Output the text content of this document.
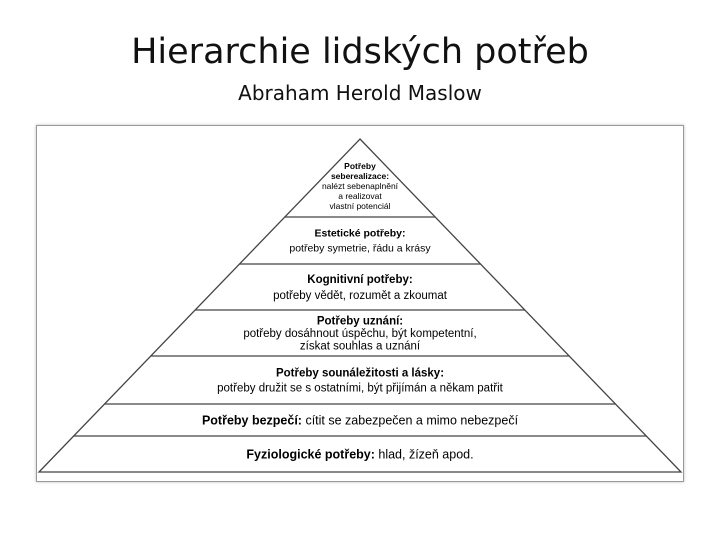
Hierarchie lidských potřeb
Abraham Herold Maslow
Potřeby
seberealizace:
nalézt sebenaplnění
a realizovat
vlastní potenciál
Estetické potřeby:
potřeby symetrie, řádu a krásy
Kognitivní potřeby:
potřeby vědět, rozumět a zkoumat
Potřeby uznání:
potřeby dosáhnout úspěchu, být kompetentní,
získat souhlas a uznání
Potřeby sounáležitosti a lásky:
potřeby družit se s ostatními, být přijímán a někam patřit
Potřeby bezpečí: cítit se zabezpečen a mimo nebezpečí
Fyziologické potřeby: hlad, žízeň apod.
